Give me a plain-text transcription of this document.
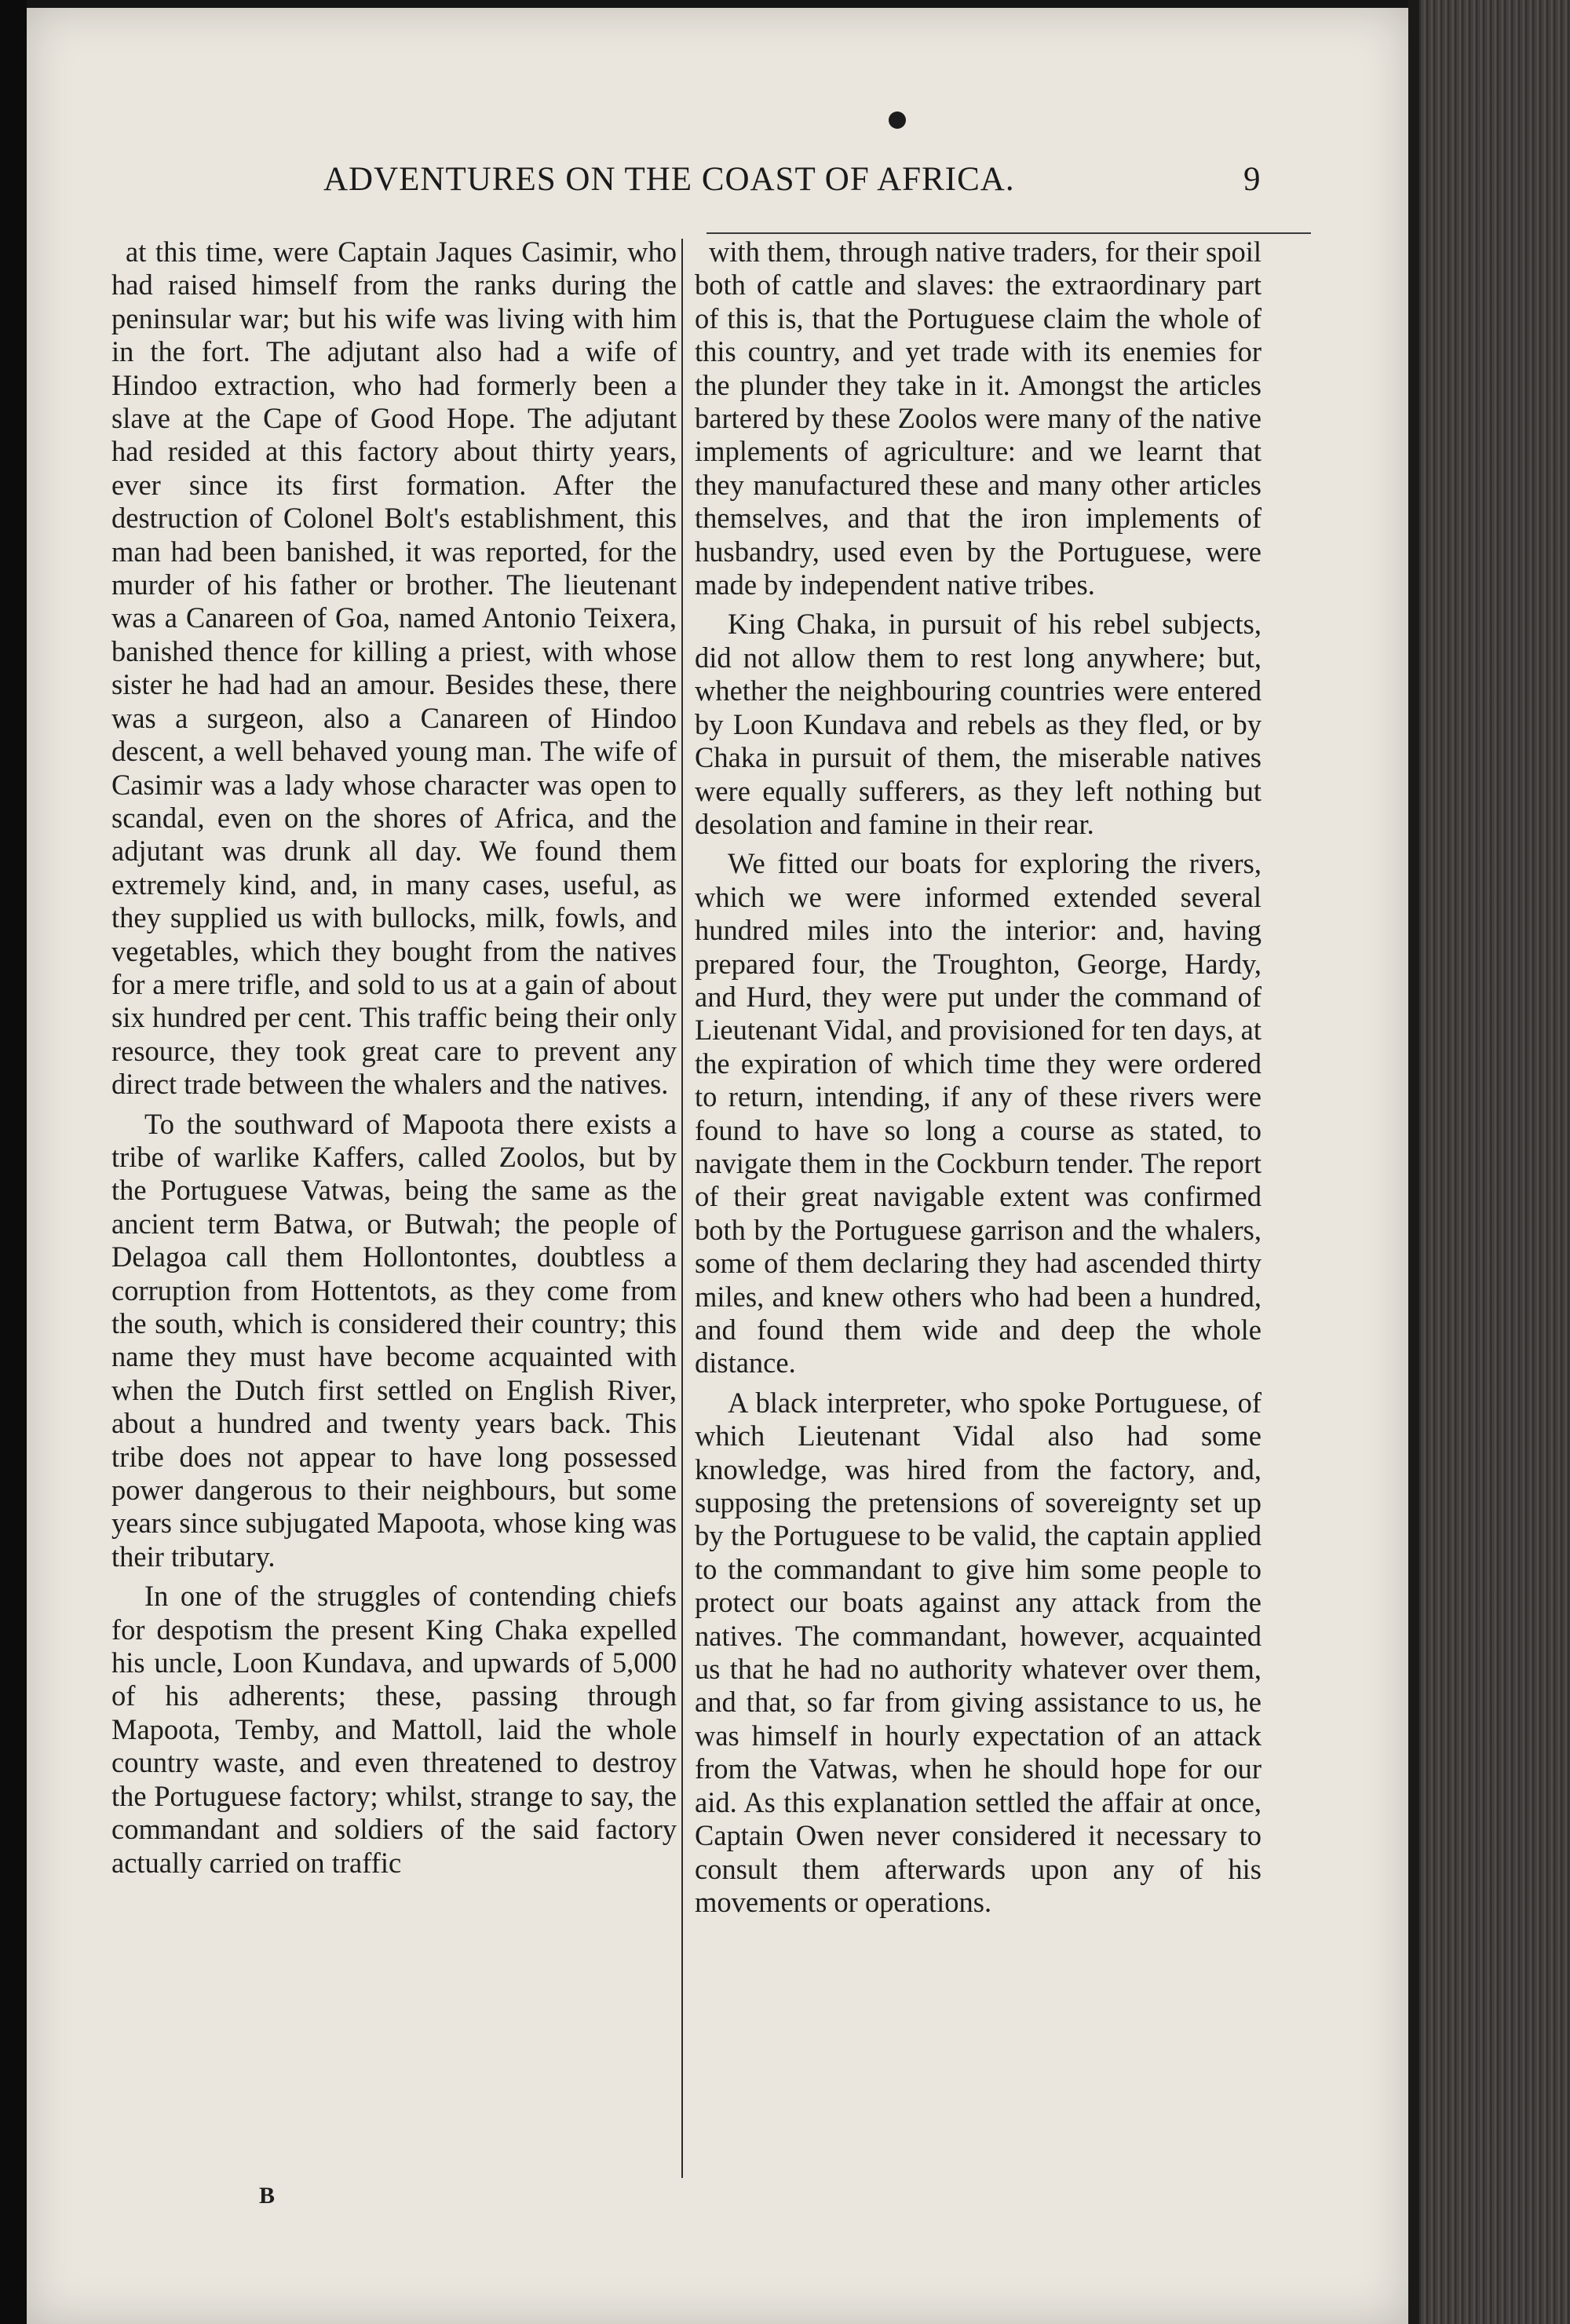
ADVENTURES ON THE COAST OF AFRICA.	9

at this time, were Captain Jaques Casimir, who had raised himself from the ranks during the peninsular war; but his wife was living with him in the fort. The adjutant also had a wife of Hindoo extraction, who had formerly been a slave at the Cape of Good Hope. The adjutant had resided at this factory about thirty years, ever since its first formation. After the destruction of Colonel Bolt's establishment, this man had been banished, it was reported, for the murder of his father or brother. The lieutenant was a Canareen of Goa, named Antonio Teixera, banished thence for killing a priest, with whose sister he had had an amour. Besides these, there was a surgeon, also a Canareen of Hindoo descent, a well behaved young man. The wife of Casimir was a lady whose character was open to scandal, even on the shores of Africa, and the adjutant was drunk all day. We found them extremely kind, and, in many cases, useful, as they supplied us with bullocks, milk, fowls, and vegetables, which they bought from the natives for a mere trifle, and sold to us at a gain of about six hundred per cent. This traffic being their only resource, they took great care to prevent any direct trade between the whalers and the natives.

To the southward of Mapoota there exists a tribe of warlike Kaffers, called Zoolos, but by the Portuguese Vatwas, being the same as the ancient term Batwa, or Butwah; the people of Delagoa call them Hollontontes, doubtless a corruption from Hottentots, as they come from the south, which is considered their country; this name they must have become acquainted with when the Dutch first settled on English River, about a hundred and twenty years back. This tribe does not appear to have long possessed power dangerous to their neighbours, but some years since subjugated Mapoota, whose king was their tributary.

In one of the struggles of contending chiefs for despotism the present King Chaka expelled his uncle, Loon Kundava, and upwards of 5,000 of his adherents; these, passing through Mapoota, Temby, and Mattoll, laid the whole country waste, and even threatened to destroy the Portuguese factory; whilst, strange to say, the commandant and soldiers of the said factory actually carried on traffic

with them, through native traders, for their spoil both of cattle and slaves: the extraordinary part of this is, that the Portuguese claim the whole of this country, and yet trade with its enemies for the plunder they take in it. Amongst the articles bartered by these Zoolos were many of the native implements of agriculture: and we learnt that they manufactured these and many other articles themselves, and that the iron implements of husbandry, used even by the Portuguese, were made by independent native tribes.

King Chaka, in pursuit of his rebel subjects, did not allow them to rest long anywhere; but, whether the neighbouring countries were entered by Loon Kundava and rebels as they fled, or by Chaka in pursuit of them, the miserable natives were equally sufferers, as they left nothing but desolation and famine in their rear.

We fitted our boats for exploring the rivers, which we were informed extended several hundred miles into the interior: and, having prepared four, the Troughton, George, Hardy, and Hurd, they were put under the command of Lieutenant Vidal, and provisioned for ten days, at the expiration of which time they were ordered to return, intending, if any of these rivers were found to have so long a course as stated, to navigate them in the Cockburn tender. The report of their great navigable extent was confirmed both by the Portuguese garrison and the whalers, some of them declaring they had ascended thirty miles, and knew others who had been a hundred, and found them wide and deep the whole distance.

A black interpreter, who spoke Portuguese, of which Lieutenant Vidal also had some knowledge, was hired from the factory, and, supposing the pretensions of sovereignty set up by the Portuguese to be valid, the captain applied to the commandant to give him some people to protect our boats against any attack from the natives. The commandant, however, acquainted us that he had no authority whatever over them, and that, so far from giving assistance to us, he was himself in hourly expectation of an attack from the Vatwas, when he should hope for our aid. As this explanation settled the affair at once, Captain Owen never considered it necessary to consult them afterwards upon any of his movements or operations.

B
